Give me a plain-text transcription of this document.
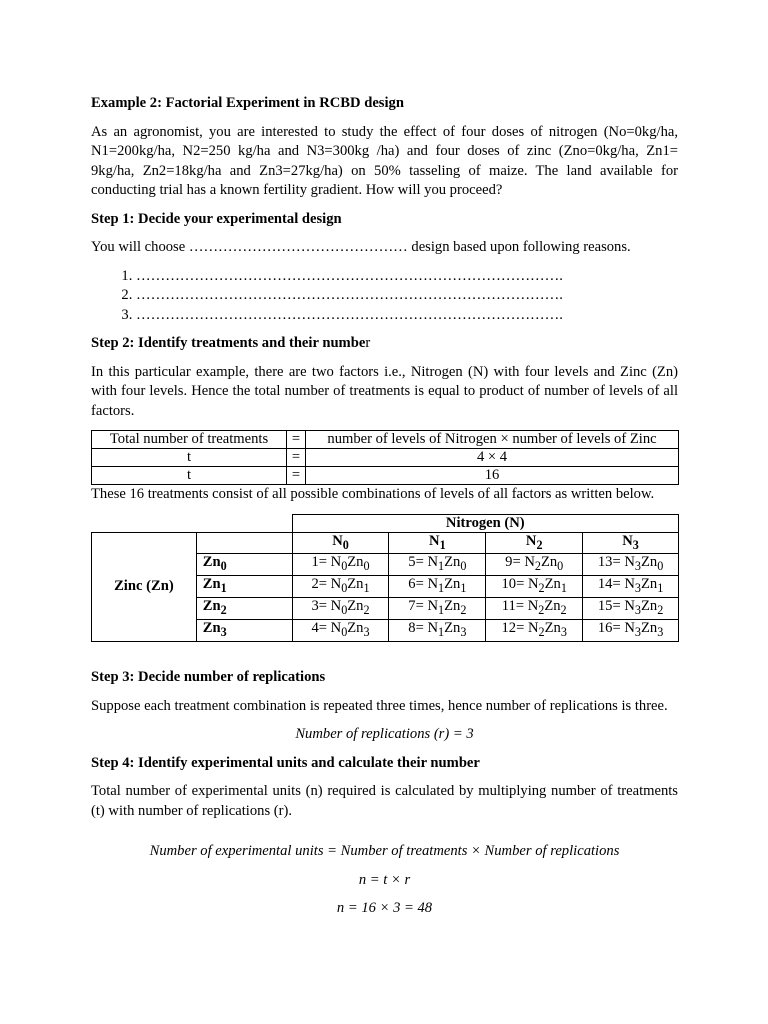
Example 2: Factorial Experiment in RCBD design
As an agronomist, you are interested to study the effect of four doses of nitrogen (No=0kg/ha, N1=200kg/ha, N2=250 kg/ha and N3=300kg /ha) and four doses of zinc (Zno=0kg/ha, Zn1= 9kg/ha, Zn2=18kg/ha and Zn3=27kg/ha) on 50% tasseling of maize. The land available for conducting trial has a known fertility gradient. How will you proceed?
Step 1: Decide your experimental design
You will choose ……………………………………… design based upon following reasons.
1. …………………………………………………………………………….
2. …………………………………………………………………………….
3. …………………………………………………………………………….
Step 2: Identify treatments and their number
In this particular example, there are two factors i.e., Nitrogen (N) with four levels and Zinc (Zn) with four levels. Hence the total number of treatments is equal to product of number of levels of all factors.
Total number of treatments	=	number of levels of Nitrogen × number of levels of Zinc
t	=	4 × 4
t	=	16
These 16 treatments consist of all possible combinations of levels of all factors as written below.
		Nitrogen (N)			
Zinc (Zn)		$N_0$	$N_1$	$N_2$	$N_3$
	$Zn_0$	$1= N_0Zn_0$	$5= N_1Zn_0$	$9= N_2Zn_0$	$13= N_3Zn_0$
	$Zn_1$	$2= N_0Zn_1$	$6= N_1Zn_1$	$10= N_2Zn_1$	$14= N_3Zn_1$
	$Zn_2$	$3= N_0Zn_2$	$7= N_1Zn_2$	$11= N_2Zn_2$	$15= N_3Zn_2$
	$Zn_3$	$4= N_0Zn_3$	$8= N_1Zn_3$	$12= N_2Zn_3$	$16= N_3Zn_3$
Step 3: Decide number of replications
Suppose each treatment combination is repeated three times, hence number of replications is three.
Number of replications (r) = 3
Step 4: Identify experimental units and calculate their number
Total number of experimental units (n) required is calculated by multiplying number of treatments (t) with number of replications (r).
Number of experimental units = Number of treatments × Number of replications
n = t × r
n = 16 × 3 = 48
